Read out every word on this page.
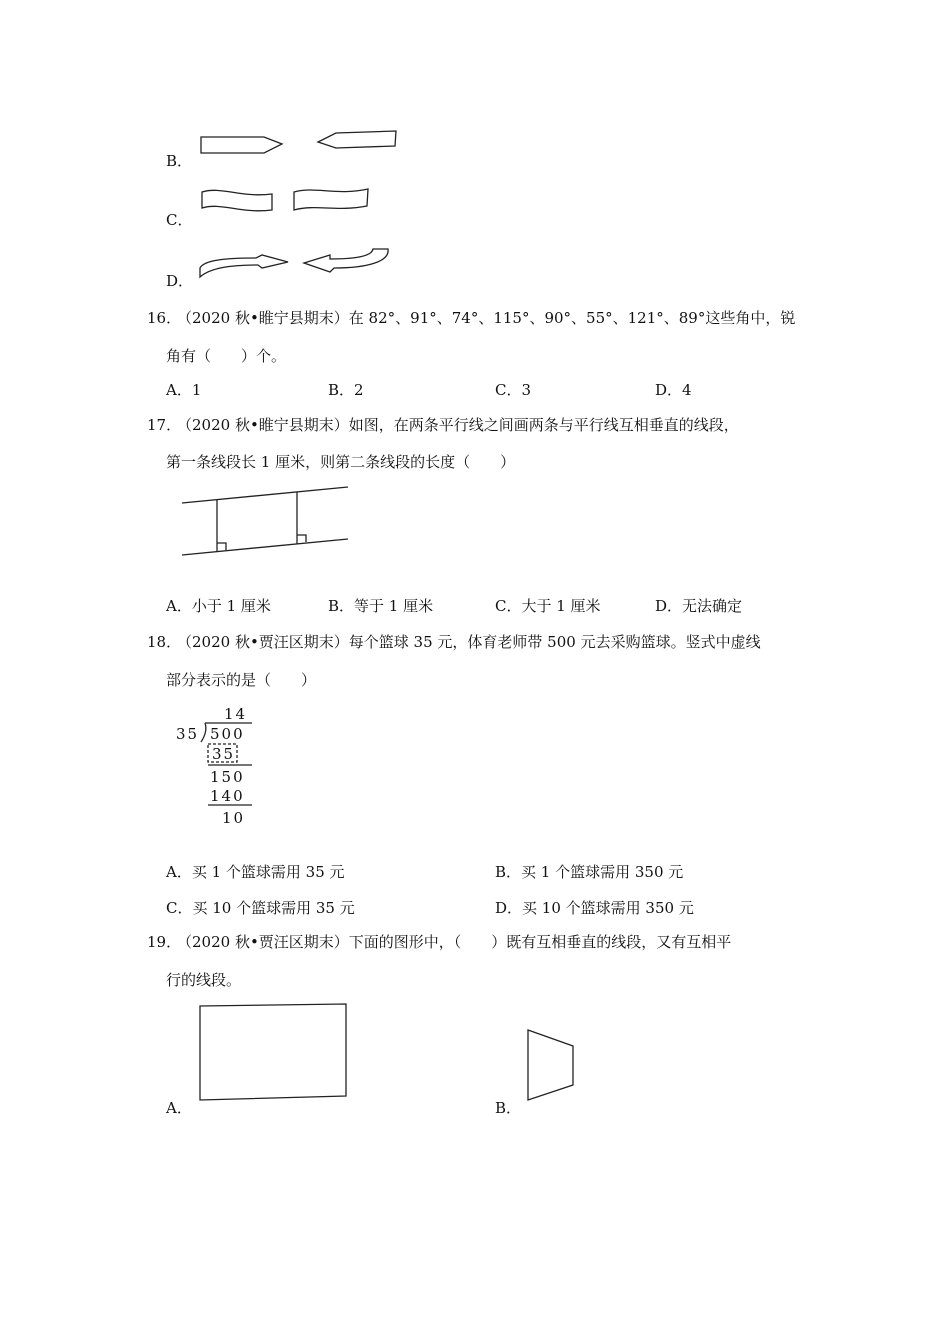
B．
C．
D．
16．
（2020 秋•睢宁县期末）在 82°、91°、74°、115°、90°、55°、121°、89°这些角中，锐
角有（　　）个。
A．1	B．2	C．3	D．4
17．
（2020 秋•睢宁县期末）如图，在两条平行线之间画两条与平行线互相垂直的线段，
第一条线段长 1 厘米，则第二条线段的长度（　　）
A．小于 1 厘米	B．等于 1 厘米	C．大于 1 厘米	D．无法确定
18．
（2020 秋•贾汪区期末）每个篮球 35 元，体育老师带 500 元去采购篮球。竖式中虚线
部分表示的是（　　）
14
35 500
35
150
140
10
A．买 1 个篮球需用 35 元	B．买 1 个篮球需用 350 元
C．买 10 个篮球需用 35 元	D．买 10 个篮球需用 350 元
19．
（2020 秋•贾汪区期末）下面的图形中，（　　）既有互相垂直的线段，又有互相平
行的线段。
A．	B．
